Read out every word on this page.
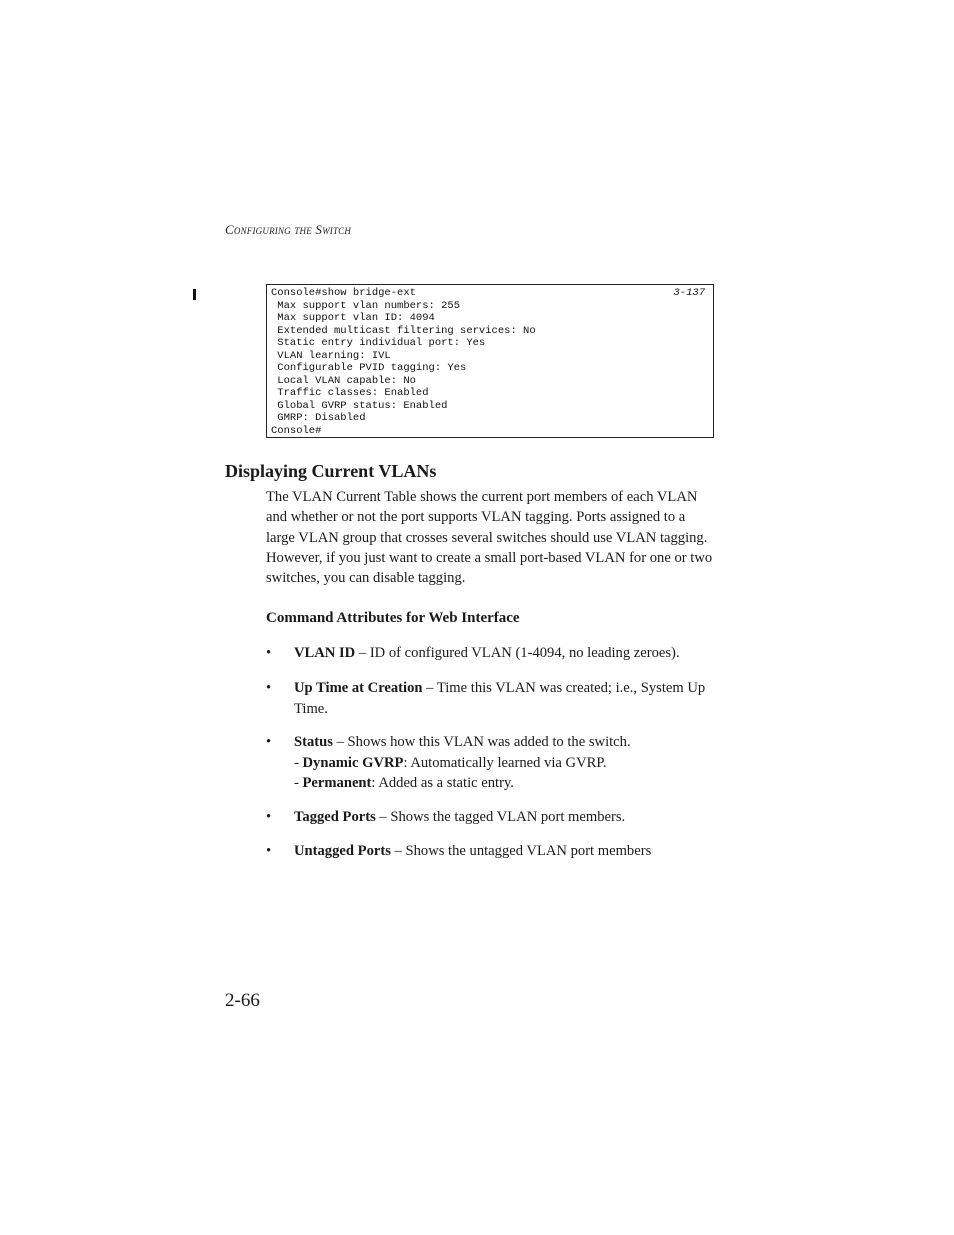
Configuring the Switch
3-137
Console#show bridge-ext
Max support vlan numbers: 255
Max support vlan ID: 4094
Extended multicast filtering services: No
Static entry individual port: Yes
VLAN learning: IVL
Configurable PVID tagging: Yes
Local VLAN capable: No
Traffic classes: Enabled
Global GVRP status: Enabled
GMRP: Disabled
Console#
Displaying Current VLANs

The VLAN Current Table shows the current port members of each VLAN and whether or not the port supports VLAN tagging. Ports assigned to a large VLAN group that crosses several switches should use VLAN tagging. However, if you just want to create a small port-based VLAN for one or two switches, you can disable tagging.

Command Attributes for Web Interface
• VLAN ID – ID of configured VLAN (1-4094, no leading zeroes).
• Up Time at Creation – Time this VLAN was created; i.e., System Up Time.
• Status – Shows how this VLAN was added to the switch.
- Dynamic GVRP: Automatically learned via GVRP.
- Permanent: Added as a static entry.
• Tagged Ports – Shows the tagged VLAN port members.
• Untagged Ports – Shows the untagged VLAN port members
2-66
